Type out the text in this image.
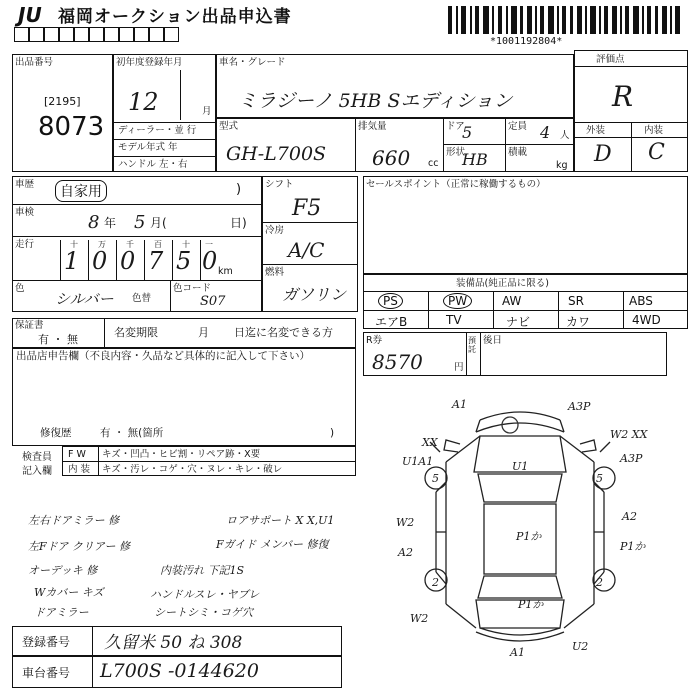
JU 福岡オークション出品申込書
*1001192804*
出品番号
[2195]
8073
初年度登録年月
12	月
ディーラー・並 行
モデル年式 年
ハンドル 左・右
車名・グレード
ミラジーノ 5HB Sエディション
型式
GH-L700S
排気量
660 cc
ドア
5	定員 4 人
形状
HB 積載
kg
評価点
R
外装	内装
D C
車歴	自家用	)
車検	8 年 5 月(	日)
走行	十	万	千	百	十 一
1 0 0 7 5 0 km
色
シルバー 色替
色コード
S07
シフト
F5
冷房
A/C
燃料
ガソリン
セールスポイント（正常に稼働するもの）
装備品(純正品に限る)
PS	PW	AW	SR	ABS
エアB	TV	ナビ	カワ	4WD
保証書
有 ・ 無
名変期限	月 日迄に名変できる方
R券
8570	円
預託
後日
出品店申告欄（不良内容・久品など具体的に記入して下さい）
修復歴	有 ・ 無(箇所	)
検査員
記入欄
F W キズ・凹凸・ヒビ割・リペア跡・X要
内 装 キズ・汚レ・コゲ・穴・ヌレ・キレ・破レ
左右ドアミラー 修	ロアサポート X X,U1
左Fドア クリアー 修	Fガイド メンバー 修復
オーデッキ 修	内装汚れ 下記1S
Wカバー キズ	ハンドルスレ・ヤブレ
ドアミラー	シートシミ・コゲ穴
登録番号 久留米 50 ね 308
車台番号 L700S -0144620
A1	A3P
XX
U1
U1A1	A3P
W2 XX
5	5
W2
A2
P1か
A2
P1か
2	2
W2
P1か
A1	U2
